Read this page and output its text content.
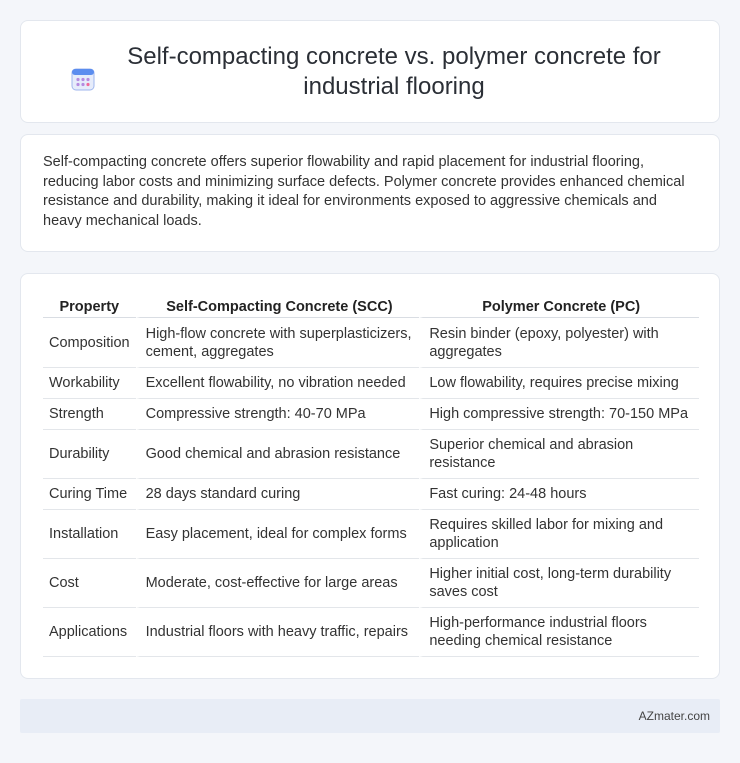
Self-compacting concrete vs. polymer concrete for industrial flooring

Self-compacting concrete offers superior flowability and rapid placement for industrial flooring, reducing labor costs and minimizing surface defects. Polymer concrete provides enhanced chemical resistance and durability, making it ideal for environments exposed to aggressive chemicals and heavy mechanical loads.

Property	Self-Compacting Concrete (SCC)	Polymer Concrete (PC)
Composition	High-flow concrete with superplasticizers, cement, aggregates	Resin binder (epoxy, polyester) with aggregates
Workability	Excellent flowability, no vibration needed	Low flowability, requires precise mixing
Strength	Compressive strength: 40-70 MPa	High compressive strength: 70-150 MPa
Durability	Good chemical and abrasion resistance	Superior chemical and abrasion resistance
Curing Time	28 days standard curing	Fast curing: 24-48 hours
Installation	Easy placement, ideal for complex forms	Requires skilled labor for mixing and application
Cost	Moderate, cost-effective for large areas	Higher initial cost, long-term durability saves cost
Applications	Industrial floors with heavy traffic, repairs	High-performance industrial floors needing chemical resistance
AZmater.com
